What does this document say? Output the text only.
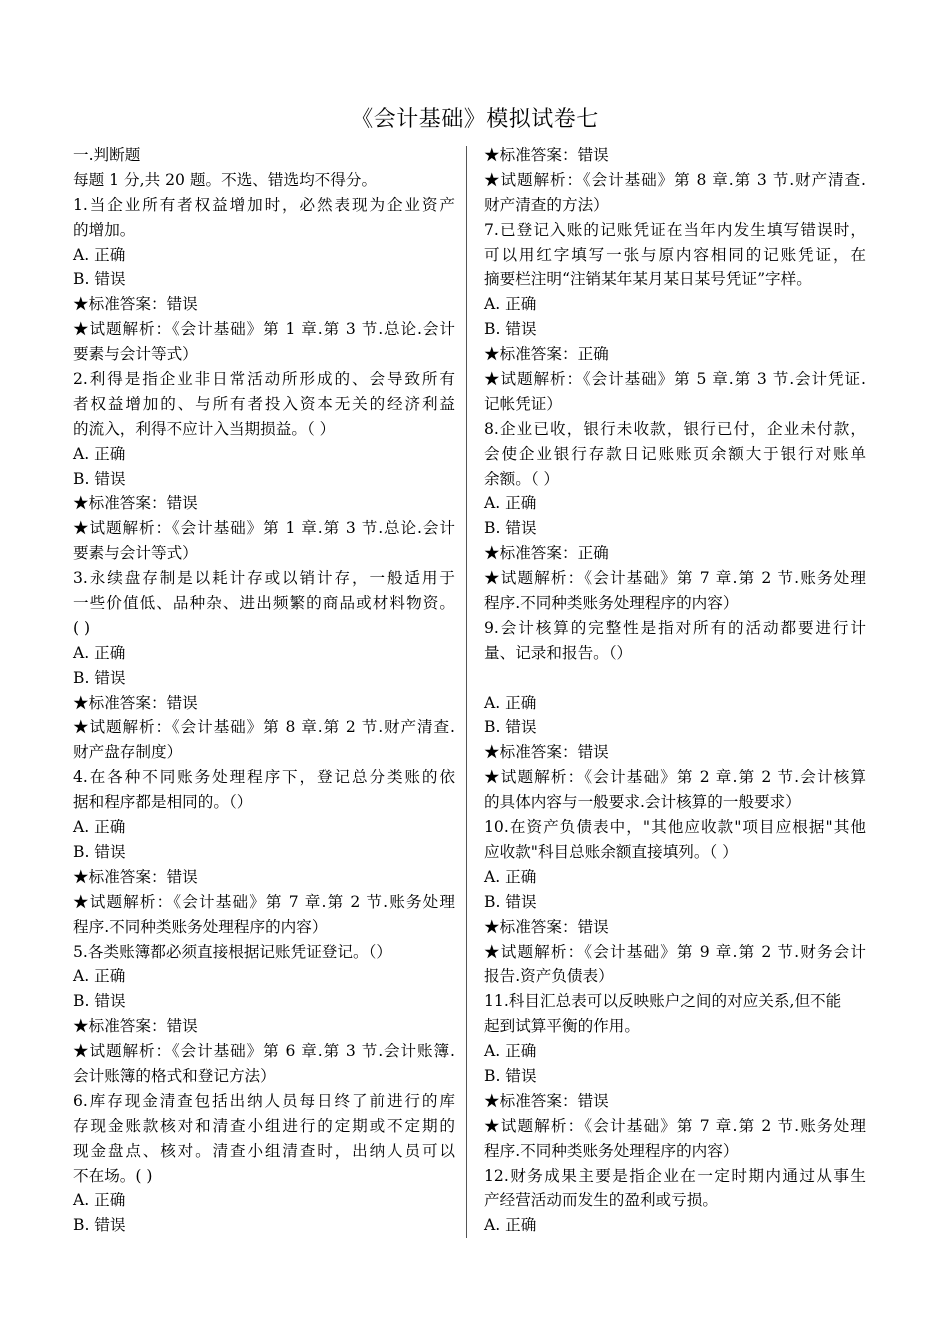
《会计基础》模拟试卷七
一.判断题
每题 1 分,共 20 题。不选、错选均不得分。
1.当企业所有者权益增加时，必然表现为企业资产
的增加。
A. 正确
B. 错误
★标准答案：错误
★试题解析：《会计基础》第 1 章.第 3 节.总论.会计
要素与会计等式）
2.利得是指企业非日常活动所形成的、会导致所有
者权益增加的、与所有者投入资本无关的经济利益
的流入，利得不应计入当期损益。（ ）
A. 正确
B. 错误
★标准答案：错误
★试题解析：《会计基础》第 1 章.第 3 节.总论.会计
要素与会计等式）
3.永续盘存制是以耗计存或以销计存，一般适用于
一些价值低、品种杂、进出频繁的商品或材料物资。
( )
A. 正确
B. 错误
★标准答案：错误
★试题解析：《会计基础》第 8 章.第 2 节.财产清查.
财产盘存制度）
4.在各种不同账务处理程序下，登记总分类账的依
据和程序都是相同的。（）
A. 正确
B. 错误
★标准答案：错误
★试题解析：《会计基础》第 7 章.第 2 节.账务处理
程序.不同种类账务处理程序的内容）
5.各类账簿都必须直接根据记账凭证登记。（）
A. 正确
B. 错误
★标准答案：错误
★试题解析：《会计基础》第 6 章.第 3 节.会计账簿.
会计账簿的格式和登记方法）
6.库存现金清查包括出纳人员每日终了前进行的库
存现金账款核对和清查小组进行的定期或不定期的
现金盘点、核对。清查小组清查时，出纳人员可以
不在场。( )
A. 正确
B. 错误
★标准答案：错误
★试题解析：《会计基础》第 8 章.第 3 节.财产清查.
财产清查的方法）
7.已登记入账的记账凭证在当年内发生填写错误时，
可以用红字填写一张与原内容相同的记账凭证，在
摘要栏注明“注销某年某月某日某号凭证”字样。
A. 正确
B. 错误
★标准答案：正确
★试题解析：《会计基础》第 5 章.第 3 节.会计凭证.
记帐凭证）
8.企业已收，银行未收款，银行已付，企业未付款，
会使企业银行存款日记账账页余额大于银行对账单
余额。（ ）
A. 正确
B. 错误
★标准答案：正确
★试题解析：《会计基础》第 7 章.第 2 节.账务处理
程序.不同种类账务处理程序的内容）
9.会计核算的完整性是指对所有的活动都要进行计
量、记录和报告。（）
A. 正确
B. 错误
★标准答案：错误
★试题解析：《会计基础》第 2 章.第 2 节.会计核算
的具体内容与一般要求.会计核算的一般要求）
10.在资产负债表中，"其他应收款"项目应根据"其他
应收款"科目总账余额直接填列。（ ）
A. 正确
B. 错误
★标准答案：错误
★试题解析：《会计基础》第 9 章.第 2 节.财务会计
报告.资产负债表）
11.科目汇总表可以反映账户之间的对应关系,但不能
起到试算平衡的作用。
A. 正确
B. 错误
★标准答案：错误
★试题解析：《会计基础》第 7 章.第 2 节.账务处理
程序.不同种类账务处理程序的内容）
12.财务成果主要是指企业在一定时期内通过从事生
产经营活动而发生的盈利或亏损。
A. 正确
